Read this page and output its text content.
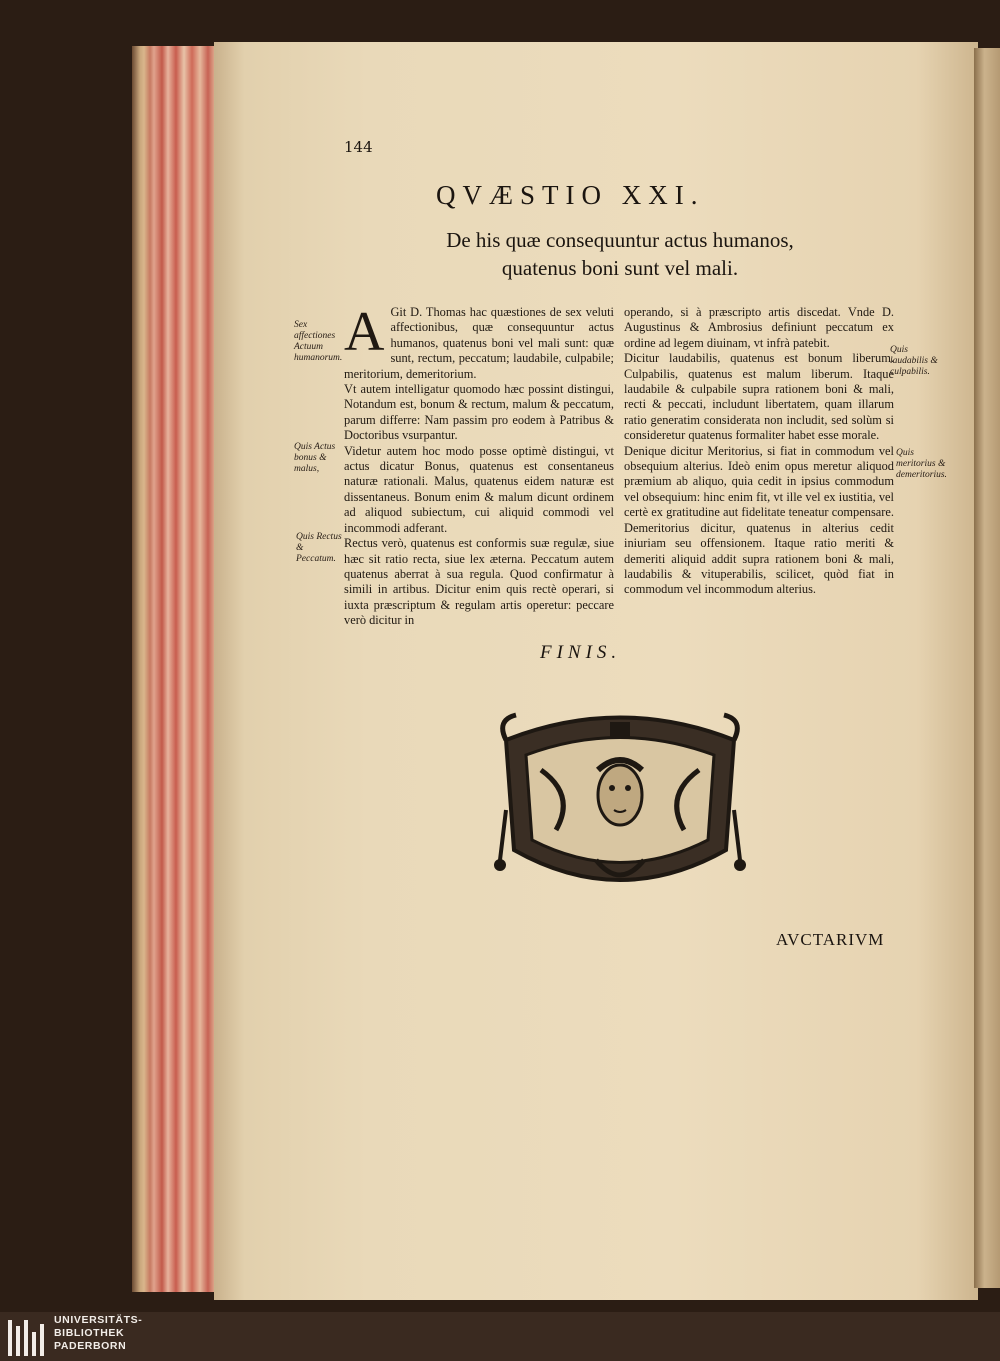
144
QVÆSTIO XXI.
De his quæ consequuntur actus humanos,
quatenus boni sunt vel mali.
A Git D. Thomas hac quæstiones de sex veluti affectionibus, quæ consequuntur actus humanos, quatenus boni vel mali sunt: quæ sunt, rectum, peccatum; laudabile, culpabile; meritorium, demeritorium.

Vt autem intelligatur quomodo hæc possint distingui, Notandum est, bonum & rectum, malum & peccatum, parum differre: Nam passim pro eodem à Patribus & Doctoribus vsurpantur.

Videtur autem hoc modo posse optimè distingui, vt actus dicatur Bonus, quatenus est consentaneus naturæ rationali. Malus, quatenus eidem naturæ est dissentaneus. Bonum enim & malum dicunt ordinem ad aliquod subiectum, cui aliquid commodi vel incommodi adferant.

Rectus verò, quatenus est conformis suæ regulæ, siue hæc sit ratio recta, siue lex æterna. Peccatum autem quatenus aberrat à sua regula. Quod confirmatur à simili in artibus. Dicitur enim quis rectè operari, si iuxta præscriptum & regulam artis operetur: peccare verò dicitur in

operando, si à præscripto artis discedat. Vnde D. Augustinus & Ambrosius definiunt peccatum ex ordine ad legem diuinam, vt infrà patebit.

Dicitur laudabilis, quatenus est bonum liberum. Culpabilis, quatenus est malum liberum. Itaque laudabile & culpabile supra rationem boni & mali, recti & peccati, includunt libertatem, quam illarum ratio generatim considerata non includit, sed solùm si consideretur quatenus formaliter habet esse morale.

Denique dicitur Meritorius, si fiat in commodum vel obsequium alterius. Ideò enim opus meretur aliquod præmium ab aliquo, quia cedit in ipsius commodum vel obsequium: hinc enim fit, vt ille vel ex iustitia, vel certè ex gratitudine aut fidelitate teneatur compensare. Demeritorius dicitur, quatenus in alterius cedit iniuriam seu offensionem. Itaque ratio meriti & demeriti aliquid addit supra rationem boni & mali, laudabilis & vituperabilis, scilicet, quòd fiat in commodum vel incommodum alterius.

Sex affectiones Actuum humanorum.
Quis Actus bonus & malus,
Quis Rectus & Peccatum.
Quis laudabilis & culpabilis.
Quis meritorius & demeritorius.
FINIS.
AVCTARIVM
UNIVERSITÄTS-
BIBLIOTHEK
PADERBORN
